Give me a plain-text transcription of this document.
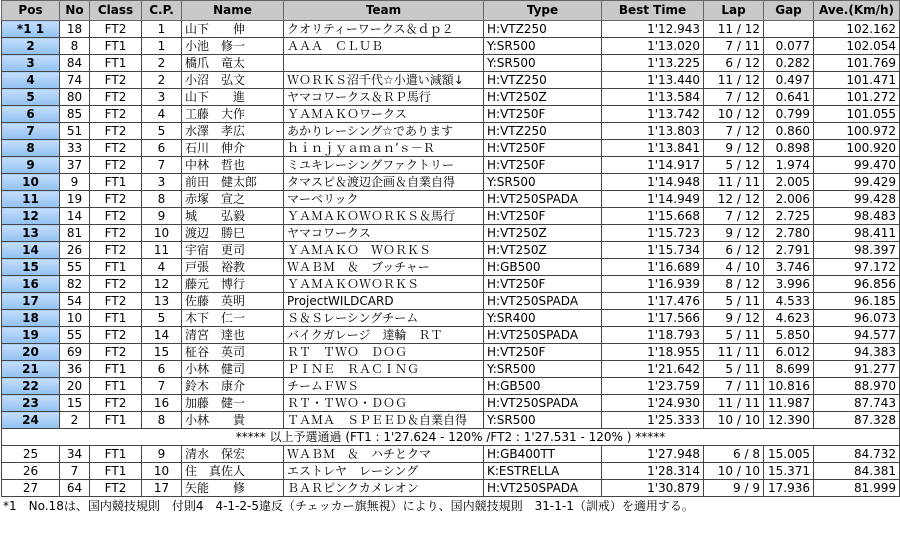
Pos	No	Class	C.P.	Name	Team	Type	Best Time	Lap	Gap	Ave.(Km/h)
*1 1	18	FT2	1	山下　　伸	クオリティーワークス＆ｄｐ２	H:VTZ250	1'12.943	11 / 12		102.162
2	8	FT1	1	小池　修一	ＡＡＡ　ＣＬＵＢ	Y:SR500	1'13.020	7 / 11	0.077	102.054
3	84	FT1	2	橋爪　竜太		Y:SR500	1'13.225	6 / 12	0.282	101.769
4	74	FT2	2	小沼　弘文	ＷＯＲＫＳ沼千代☆小遣い減額↓	H:VTZ250	1'13.440	11 / 12	0.497	101.471
5	80	FT2	3	山下　　進	ヤマコワークス＆ＲＰ馬行	H:VT250Z	1'13.584	7 / 12	0.641	101.272
6	85	FT2	4	工藤　大作	ＹＡＭＡＫＯワークス	H:VT250F	1'13.742	10 / 12	0.799	101.055
7	51	FT2	5	水澤　孝広	あかりレーシング☆であります	H:VTZ250	1'13.803	7 / 12	0.860	100.972
8	33	FT2	6	石川　伸介	ｈｉｎｊｙａｍａｎ’ｓ－Ｒ	H:VT250F	1'13.841	9 / 12	0.898	100.920
9	37	FT2	7	中林　哲也	ミユキレーシングファクトリー	H:VT250F	1'14.917	5 / 12	1.974	99.470
10	9	FT1	3	前田　健太郎	タマスピ＆渡辺企画＆自業自得	Y:SR500	1'14.948	11 / 11	2.005	99.429
11	19	FT2	8	赤塚　宣之	マーベリック	H:VT250SPADA	1'14.949	12 / 12	2.006	99.428
12	14	FT2	9	城　　弘毅	ＹＡＭＡＫＯＷＯＲＫＳ＆馬行	H:VT250F	1'15.668	7 / 12	2.725	98.483
13	81	FT2	10	渡辺　勝巳	ヤマコワークス	H:VT250Z	1'15.723	9 / 12	2.780	98.411
14	26	FT2	11	宇宿　更司	ＹＡＭＡＫＯ　ＷＯＲＫＳ	H:VT250Z	1'15.734	6 / 12	2.791	98.397
15	55	FT1	4	戸張　裕教	ＷＡＢＭ　＆　ブッチャー	H:GB500	1'16.689	4 / 10	3.746	97.172
16	82	FT2	12	藤元　博行	ＹＡＭＡＫＯＷＯＲＫＳ	H:VT250F	1'16.939	8 / 12	3.996	96.856
17	54	FT2	13	佐藤　英明	ProjectWILDCARD	H:VT250SPADA	1'17.476	5 / 11	4.533	96.185
18	10	FT1	5	木下　仁一	Ｓ＆Ｓレーシングチーム	Y:SR400	1'17.566	9 / 12	4.623	96.073
19	55	FT2	14	清宮　達也	バイクガレージ　達輪　ＲＴ	H:VT250SPADA	1'18.793	5 / 11	5.850	94.577
20	69	FT2	15	柾谷　英司	ＲＴ　ＴＷＯ　ＤＯＧ	H:VT250F	1'18.955	11 / 11	6.012	94.383
21	36	FT1	6	小林　健司	ＰＩＮＥ　ＲＡＣＩＮＧ	Y:SR500	1'21.642	5 / 11	8.699	91.277
22	20	FT1	7	鈴木　康介	チームＦＷＳ	H:GB500	1'23.759	7 / 11	10.816	88.970
23	15	FT2	16	加藤　健一	ＲＴ・ＴＷＯ・ＤＯＧ	H:VT250SPADA	1'24.930	11 / 11	11.987	87.743
24	2	FT1	8	小林　　貴	ＴＡＭＡ　ＳＰＥＥＤ＆自業自得	Y:SR500	1'25.333	10 / 10	12.390	87.328
***** 以上予選通過 (FT1 : 1'27.624 - 120% /FT2 : 1'27.531 - 120% ) *****										
25	34	FT1	9	清水　保宏	ＷＡＢＭ　＆　ハチとクマ	H:GB400TT	1'27.948	6 / 8	15.005	84.732
26	7	FT1	10	住　真佐人	エストレヤ　レーシング	K:ESTRELLA	1'28.314	10 / 10	15.371	84.381
27	64	FT2	17	矢能　　修	ＢＡＲピンクカメレオン	H:VT250SPADA	1'30.879	9 / 9	17.936	81.999
*1　No.18は、国内競技規則　付則4　4-1-2-5違反（チェッカー旗無視）により、国内競技規則　31-1-1（訓戒）を適用する。
